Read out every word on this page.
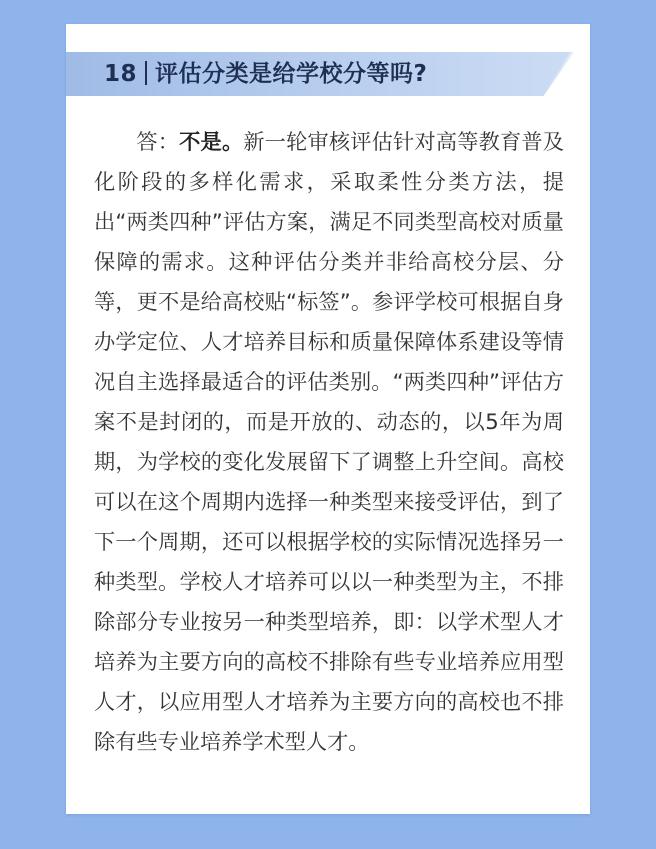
18 评估分类是给学校分等吗?

答：不是。新一轮审核评估针对高等教育普及化阶段的多样化需求，采取柔性分类方法，提出“两类四种”评估方案，满足不同类型高校对质量保障的需求。这种评估分类并非给高校分层、分等，更不是给高校贴“标签”。参评学校可根据自身办学定位、人才培养目标和质量保障体系建设等情况自主选择最适合的评估类别。“两类四种”评估方案不是封闭的，而是开放的、动态的，以5年为周期，为学校的变化发展留下了调整上升空间。高校可以在这个周期内选择一种类型来接受评估，到了下一个周期，还可以根据学校的实际情况选择另一种类型。学校人才培养可以以一种类型为主，不排除部分专业按另一种类型培养，即：以学术型人才培养为主要方向的高校不排除有些专业培养应用型人才，以应用型人才培养为主要方向的高校也不排除有些专业培养学术型人才。
